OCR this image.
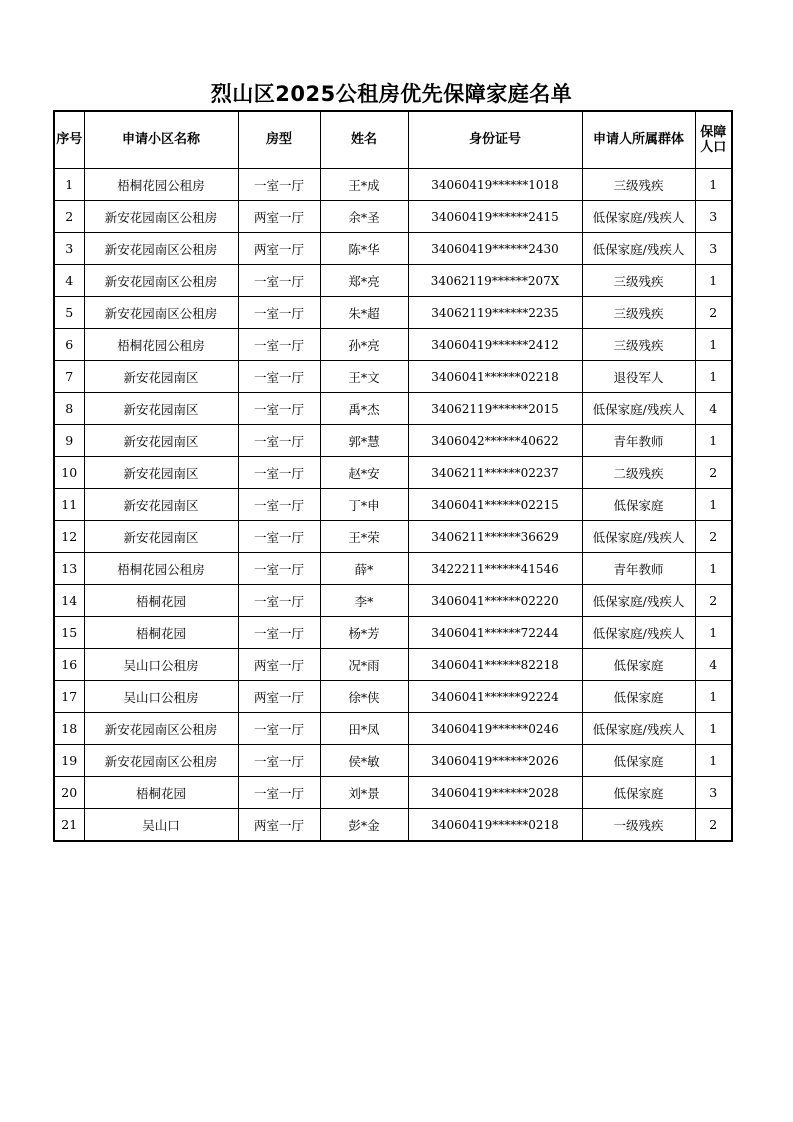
烈山区2025公租房优先保障家庭名单
序号	申请小区名称	房型	姓名	身份证号	申请人所属群体	保障人口
1	梧桐花园公租房	一室一厅	王*成	34060419******1018	三级残疾	1
2	新安花园南区公租房	两室一厅	余*圣	34060419******2415	低保家庭/残疾人	3
3	新安花园南区公租房	两室一厅	陈*华	34060419******2430	低保家庭/残疾人	3
4	新安花园南区公租房	一室一厅	郑*亮	34062119******207X	三级残疾	1
5	新安花园南区公租房	一室一厅	朱*超	34062119******2235	三级残疾	2
6	梧桐花园公租房	一室一厅	孙*亮	34060419******2412	三级残疾	1
7	新安花园南区	一室一厅	王*文	3406041******02218	退役军人	1
8	新安花园南区	一室一厅	禹*杰	34062119******2015	低保家庭/残疾人	4
9	新安花园南区	一室一厅	郭*慧	3406042******40622	青年教师	1
10	新安花园南区	一室一厅	赵*安	3406211******02237	二级残疾	2
11	新安花园南区	一室一厅	丁*申	3406041******02215	低保家庭	1
12	新安花园南区	一室一厅	王*荣	3406211******36629	低保家庭/残疾人	2
13	梧桐花园公租房	一室一厅	薛*	3422211******41546	青年教师	1
14	梧桐花园	一室一厅	李*	3406041******02220	低保家庭/残疾人	2
15	梧桐花园	一室一厅	杨*芳	3406041******72244	低保家庭/残疾人	1
16	吴山口公租房	两室一厅	况*雨	3406041******82218	低保家庭	4
17	吴山口公租房	两室一厅	徐*侠	3406041******92224	低保家庭	1
18	新安花园南区公租房	一室一厅	田*凤	34060419******0246	低保家庭/残疾人	1
19	新安花园南区公租房	一室一厅	侯*敏	34060419******2026	低保家庭	1
20	梧桐花园	一室一厅	刘*景	34060419******2028	低保家庭	3
21	吴山口	两室一厅	彭*金	34060419******0218	一级残疾	2
